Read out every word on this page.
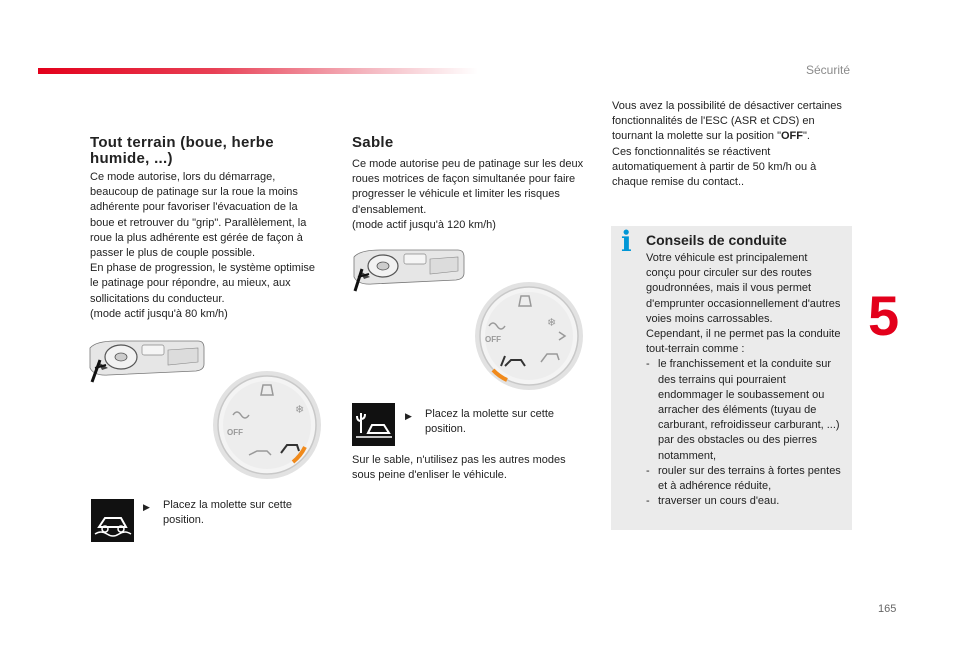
Sécurité
5
165
Tout terrain (boue, herbe humide, ...)

Ce mode autorise, lors du démarrage,
beaucoup de patinage sur la roue la moins
adhérente pour favoriser l'évacuation de la
boue et retrouver du "grip". Parallèlement, la
roue la plus adhérente est gérée de façon à
passer le plus de couple possible.
En phase de progression, le système optimise
le patinage pour répondre, au mieux, aux
sollicitations du conducteur.
(mode actif jusqu'à 80 km/h)

❄
OFF
▶	Placez la molette sur cette position.
Sable

Ce mode autorise peu de patinage sur les deux
roues motrices de façon simultanée pour faire
progresser le véhicule et limiter les risques
d'ensablement.
(mode actif jusqu'à 120 km/h)

❄
OFF
▶	Placez la molette sur cette position.

Sur le sable, n'utilisez pas les autres modes
sous peine d'enliser le véhicule.

Vous avez la possibilité de désactiver certaines
fonctionnalités de l'ESC (ASR et CDS) en
tournant la molette sur la position "OFF".
Ces fonctionnalités se réactivent
automatiquement à partir de 50 km/h ou à
chaque remise du contact..

i Conseils de conduite

Votre véhicule est principalement
conçu pour circuler sur des routes
goudronnées, mais il vous permet
d'emprunter occasionnellement d'autres
voies moins carrossables.
Cependant, il ne permet pas la conduite
tout-terrain comme :

- le franchissement et la conduite sur des terrains qui pourraient endommager le soubassement ou arracher des éléments (tuyau de carburant, refroidisseur carburant, ...) par des obstacles ou des pierres notamment,
- rouler sur des terrains à fortes pentes et à adhérence réduite,
- traverser un cours d'eau.
